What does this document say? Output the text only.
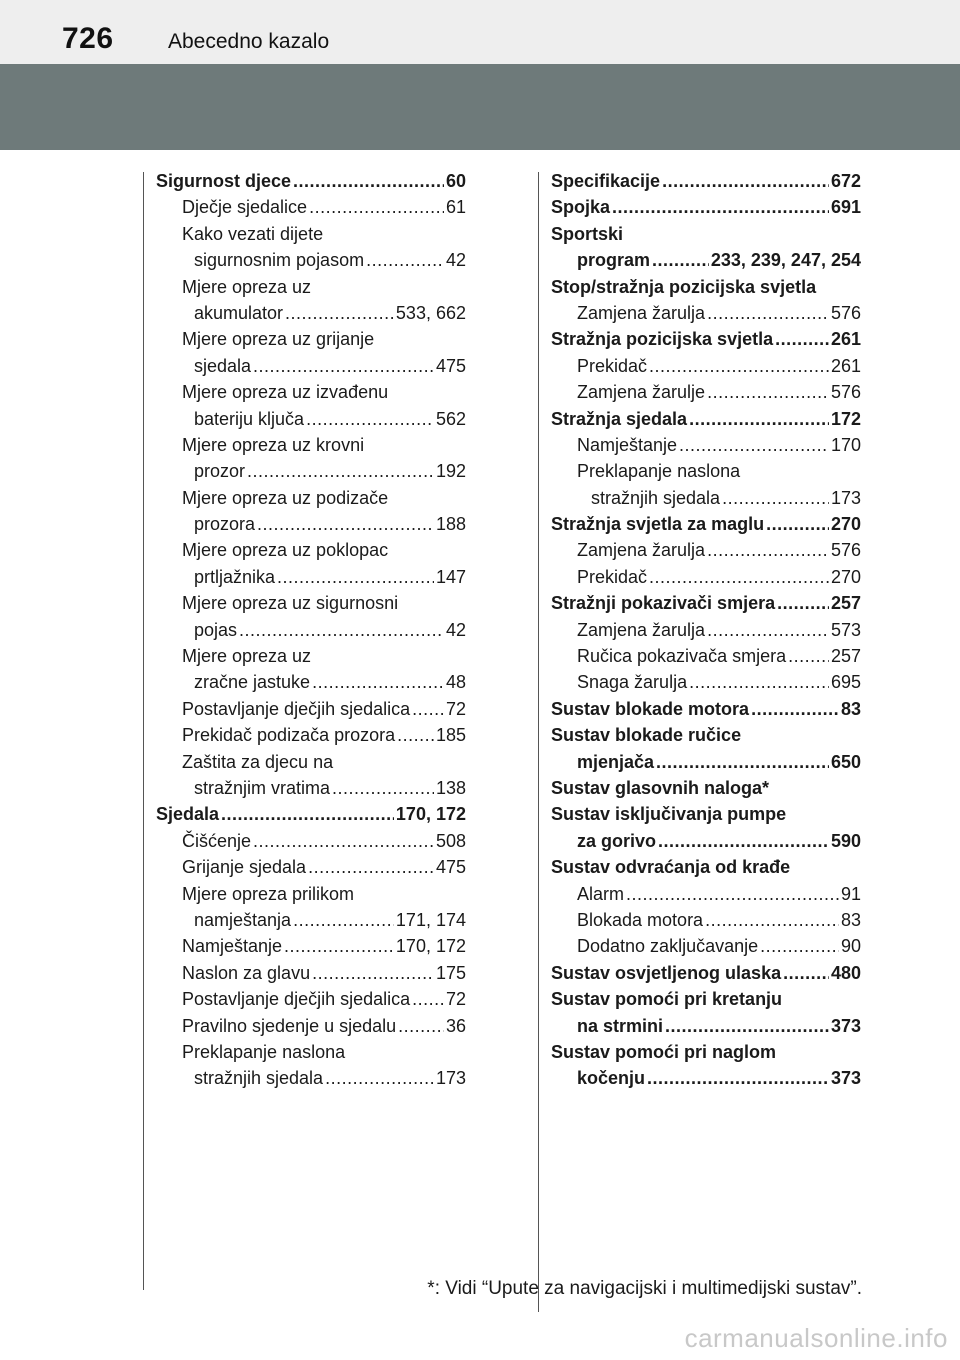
726	Abecedno kazalo
Sigurnost djece .....	60
Dječje sjedalice .....	61
Kako vezati dijete
sigurnosnim pojasom .....	42
Mjere opreza uz
akumulator .....	533, 662
Mjere opreza uz grijanje
sjedala .....	475
Mjere opreza uz izvađenu
bateriju ključa .....	562
Mjere opreza uz krovni
prozor .....	192
Mjere opreza uz podizače
prozora .....	188
Mjere opreza uz poklopac
prtljažnika .....	147
Mjere opreza uz sigurnosni
pojas .....	42
Mjere opreza uz
zračne jastuke .....	48
Postavljanje dječjih sjedalica ..... 72
Prekidač podizača prozora ..... 185
Zaštita za djecu na
stražnjim vratima .....	138
Sjedala .....	170, 172
Čišćenje .....	508
Grijanje sjedala .....	475
Mjere opreza prilikom
namještanja .....	171, 174
Namještanje .....	170, 172
Naslon za glavu .....	175
Postavljanje dječjih sjedalica ..... 72
Pravilno sjedenje u sjedalu .....	36
Preklapanje naslona
stražnjih sjedala .....	173
Specifikacije .....	672
Spojka .....	691
Sportski
program .....	233, 239, 247, 254
Stop/stražnja pozicijska svjetla
Zamjena žarulja .....	576
Stražnja pozicijska svjetla .....	261
Prekidač .....	261
Zamjena žarulje .....	576
Stražnja sjedala .....	172
Namještanje .....	170
Preklapanje naslona
stražnjih sjedala .....	173
Stražnja svjetla za maglu .....	270
Zamjena žarulja .....	576
Prekidač .....	270
Stražnji pokazivači smjera .....	257
Zamjena žarulja .....	573
Ručica pokazivača smjera ..... 257
Snaga žarulja .....	695
Sustav blokade motora .....	83
Sustav blokade ručice
mjenjača .....	650
Sustav glasovnih naloga*
Sustav isključivanja pumpe
za gorivo .....	590
Sustav odvraćanja od krađe
Alarm .....	91
Blokada motora .....	83
Dodatno zaključavanje .....	90
Sustav osvjetljenog ulaska .....	480
Sustav pomoći pri kretanju
na strmini .....	373
Sustav pomoći pri naglom
kočenju .....	373
*: Vidi “Upute za navigacijski i multimedijski sustav”.
carmanualsonline.info
